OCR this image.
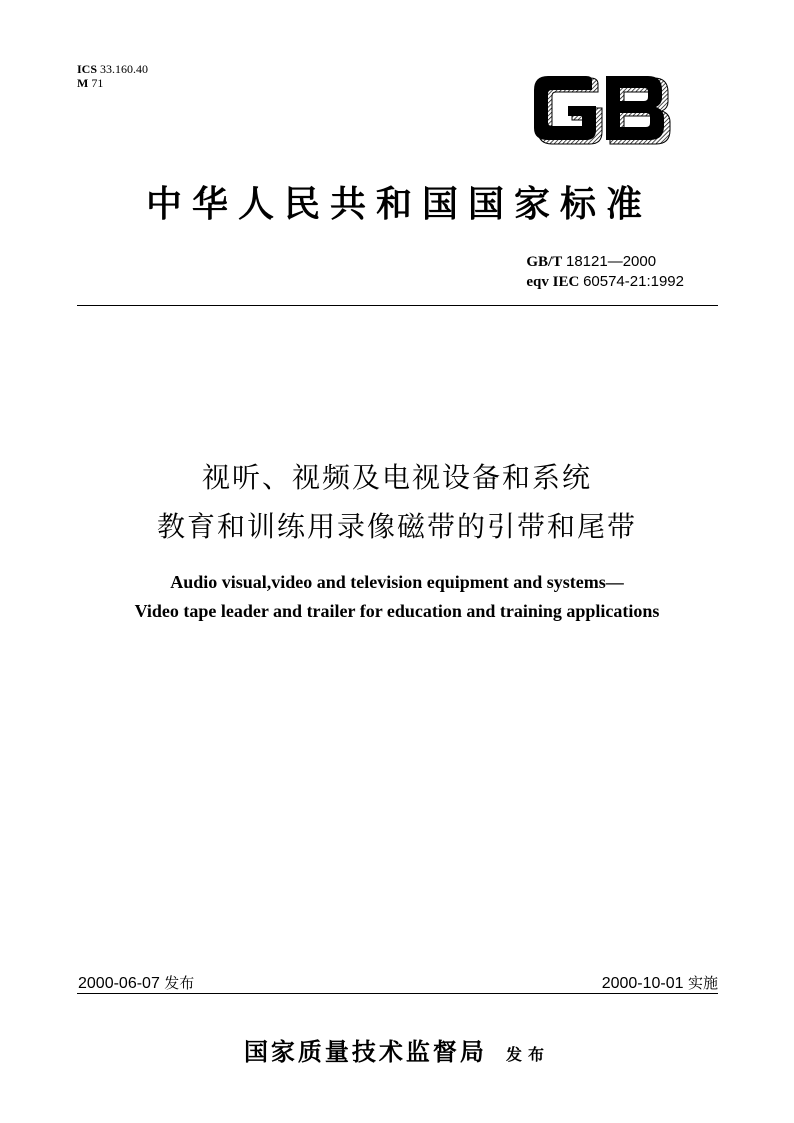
ICS 33.160.40
M 71
中华人民共和国国家标准
GB/T 18121—2000
eqv IEC 60574-21:1992
视听、视频及电视设备和系统
教育和训练用录像磁带的引带和尾带
Audio visual,video and television equipment and systems—
Video tape leader and trailer for education and training applications
2000-06-07 发布	2000-10-01 实施
国家质量技术监督局 发布
